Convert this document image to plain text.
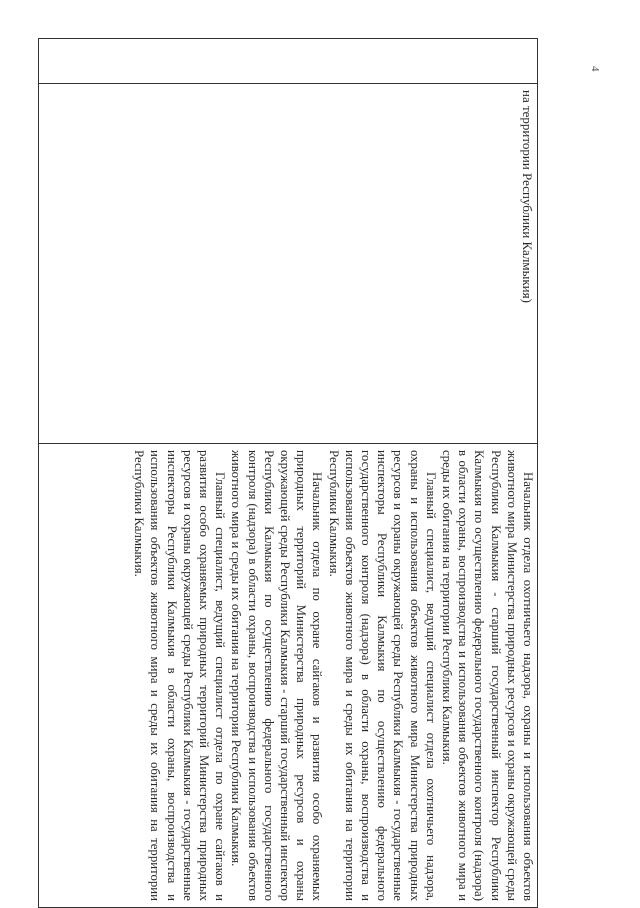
4
на территории Республики Калмыкия)

Начальник отдела охотничьего надзора, охраны и использования объектов животного мира Министерства природных ресурсов и охраны окружающей среды Республики Калмыкия - старший государственный инспектор Республики Калмыкия по осуществлению федерального государственного контроля (надзора) в области охраны, воспроизводства и использования объектов животного мира и среды их обитания на территории Республики Калмыкия.

Главный специалист, ведущий специалист отдела охотничьего надзора, охраны и использования объектов животного мира Министерства природных ресурсов и охраны окружающей среды Республики Калмыкия - государственные инспекторы Республики Калмыкия по осуществлению федерального государственного контроля (надзора) в области охраны, воспроизводства и использования объектов животного мира и среды их обитания на территории Республики Калмыкия.

Начальник отдела по охране сайгаков и развития особо охраняемых природных территорий Министерства природных ресурсов и охраны окружающей среды Республики Калмыкия - старший государственный инспектор Республики Калмыкия по осуществлению федерального государственного контроля (надзора) в области охраны, воспроизводства и использования объектов животного мира и среды их обитания на территории Республики Калмыкия.

Главный специалист, ведущий специалист отдела по охране сайгаков и развития особо охраняемых природных территорий Министерства природных ресурсов и охраны окружающей среды Республики Калмыкия - государственные инспекторы Республики Калмыкия в области охраны, воспроизводства и использования объектов животного мира и среды их обитания на территории Республики Калмыкия.
